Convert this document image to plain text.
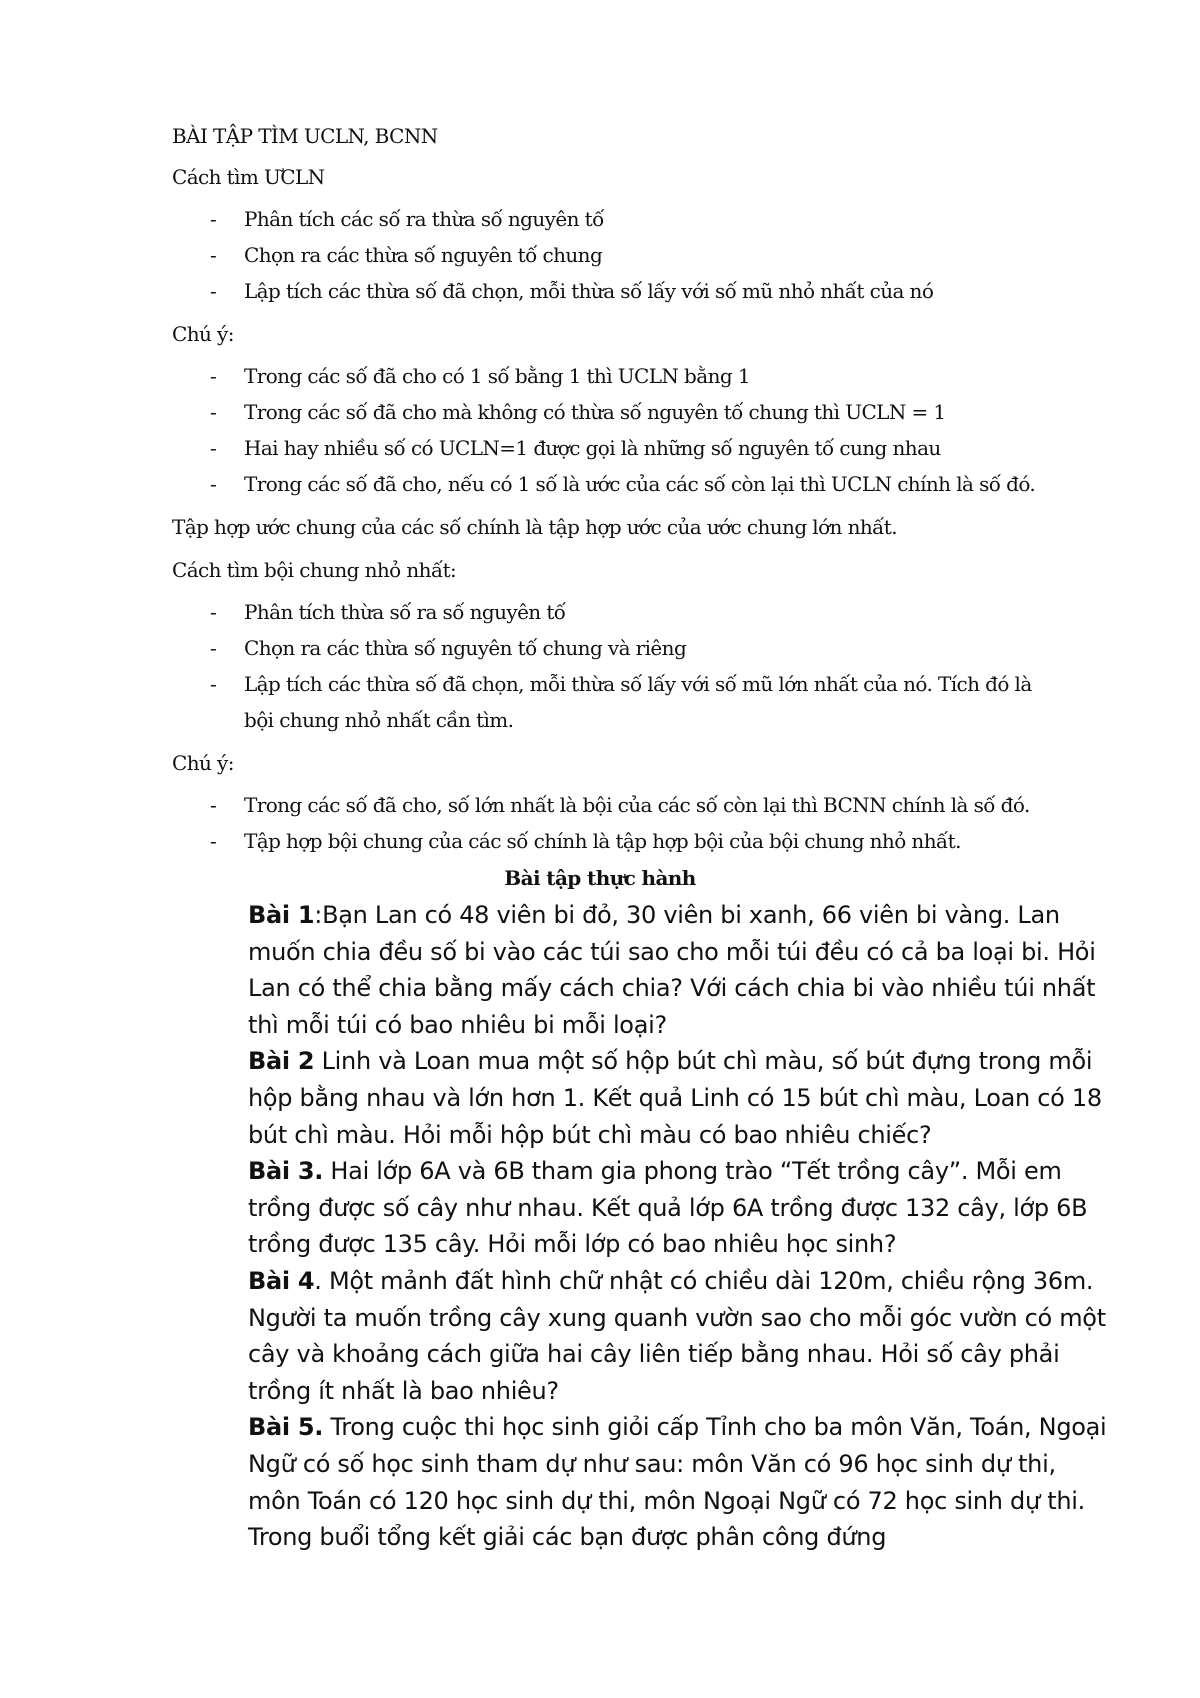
BÀI TẬP TÌM UCLN, BCNN
Cách tìm ƯCLN
- Phân tích các số ra thừa số nguyên tố
- Chọn ra các thừa số nguyên tố chung
- Lập tích các thừa số đã chọn, mỗi thừa số lấy với số mũ nhỏ nhất của nó
Chú ý:
- Trong các số đã cho có 1 số bằng 1 thì UCLN bằng 1
- Trong các số đã cho mà không có thừa số nguyên tố chung thì UCLN = 1
- Hai hay nhiều số có UCLN=1 được gọi là những số nguyên tố cung nhau
- Trong các số đã cho, nếu có 1 số là ước của các số còn lại thì UCLN chính là số đó.
Tập hợp ước chung của các số chính là tập hợp ước của ước chung lớn nhất.
Cách tìm bội chung nhỏ nhất:
- Phân tích thừa số ra số nguyên tố
- Chọn ra các thừa số nguyên tố chung và riêng
- Lập tích các thừa số đã chọn, mỗi thừa số lấy với số mũ lớn nhất của nó. Tích đó là
bội chung nhỏ nhất cần tìm.
Chú ý:
- Trong các số đã cho, số lớn nhất là bội của các số còn lại thì BCNN chính là số đó.
- Tập hợp bội chung của các số chính là tập hợp bội của bội chung nhỏ nhất.
Bài tập thực hành

Bài 1:Bạn Lan có 48 viên bi đỏ, 30 viên bi xanh, 66 viên bi vàng. Lan muốn chia đều số bi vào các túi sao cho mỗi túi đều có cả ba loại bi. Hỏi Lan có thể chia bằng mấy cách chia? Với cách chia bi vào nhiều túi nhất thì mỗi túi có bao nhiêu bi mỗi loại?

Bài 2 Linh và Loan mua một số hộp bút chì màu, số bút đựng trong mỗi hộp bằng nhau và lớn hơn 1. Kết quả Linh có 15 bút chì màu, Loan có 18 bút chì màu. Hỏi mỗi hộp bút chì màu có bao nhiêu chiếc?

Bài 3. Hai lớp 6A và 6B tham gia phong trào “Tết trồng cây”. Mỗi em trồng được số cây như nhau. Kết quả lớp 6A trồng được 132 cây, lớp 6B trồng được 135 cây. Hỏi mỗi lớp có bao nhiêu học sinh?

Bài 4. Một mảnh đất hình chữ nhật có chiều dài 120m, chiều rộng 36m. Người ta muốn trồng cây xung quanh vườn sao cho mỗi góc vườn có một cây và khoảng cách giữa hai cây liên tiếp bằng nhau. Hỏi số cây phải trồng ít nhất là bao nhiêu?

Bài 5. Trong cuộc thi học sinh giỏi cấp Tỉnh cho ba môn Văn, Toán, Ngoại Ngữ có số học sinh tham dự như sau: môn Văn có 96 học sinh dự thi, môn Toán có 120 học sinh dự thi, môn Ngoại Ngữ có 72 học sinh dự thi. Trong buổi tổng kết giải các bạn được phân công đứng
